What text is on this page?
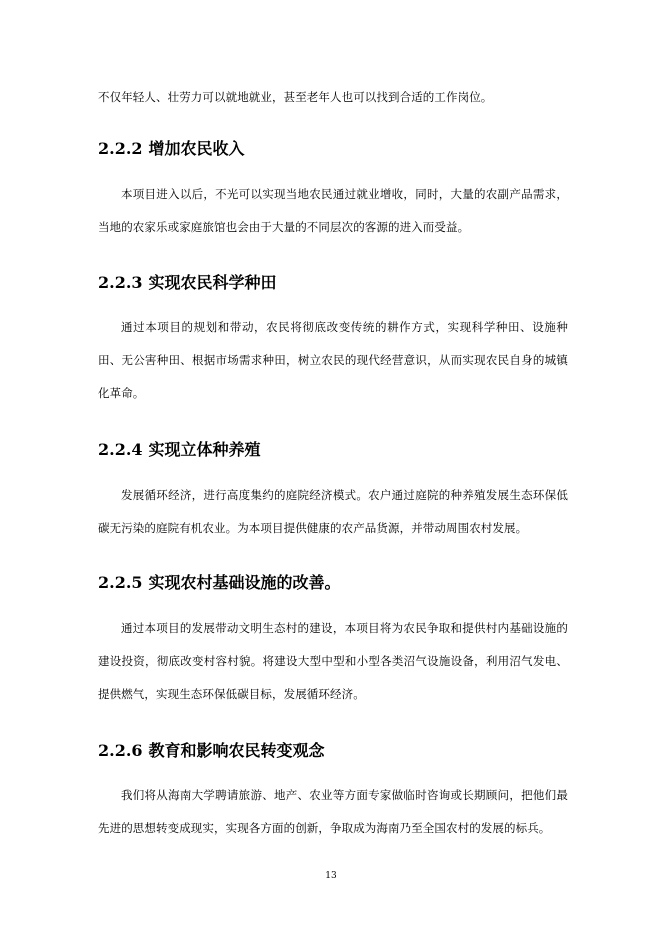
不仅年轻人、壮劳力可以就地就业，甚至老年人也可以找到合适的工作岗位。

2.2.2 增加农民收入

本项目进入以后，不光可以实现当地农民通过就业增收，同时，大量的农副产品需求，当地的农家乐或家庭旅馆也会由于大量的不同层次的客源的进入而受益。

2.2.3 实现农民科学种田

通过本项目的规划和带动，农民将彻底改变传统的耕作方式，实现科学种田、设施种田、无公害种田、根据市场需求种田，树立农民的现代经营意识，从而实现农民自身的城镇化革命。

2.2.4 实现立体种养殖

发展循环经济，进行高度集约的庭院经济模式。农户通过庭院的种养殖发展生态环保低碳无污染的庭院有机农业。为本项目提供健康的农产品货源，并带动周围农村发展。

2.2.5 实现农村基础设施的改善。

通过本项目的发展带动文明生态村的建设，本项目将为农民争取和提供村内基础设施的建设投资，彻底改变村容村貌。将建设大型中型和小型各类沼气设施设备，利用沼气发电、提供燃气，实现生态环保低碳目标，发展循环经济。

2.2.6 教育和影响农民转变观念

我们将从海南大学聘请旅游、地产、农业等方面专家做临时咨询或长期顾问，把他们最先进的思想转变成现实，实现各方面的创新，争取成为海南乃至全国农村的发展的标兵。

13
